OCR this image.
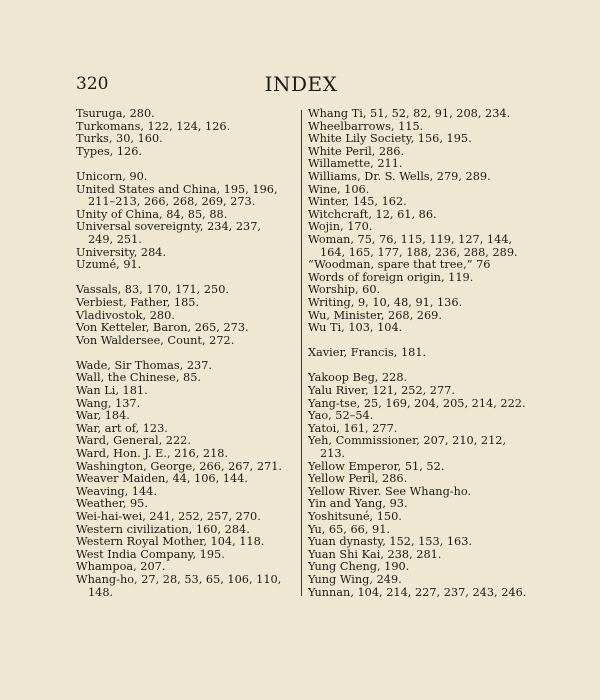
320	INDEX
Tsuruga, 280.
Turkomans, 122, 124, 126.
Turks, 30, 160.
Types, 126.
Unicorn, 90.
United States and China, 195, 196,
211–213, 266, 268, 269, 273.
Unity of China, 84, 85, 88.
Universal sovereignty, 234, 237,
249, 251.
University, 284.
Uzumé, 91.
Vassals, 83, 170, 171, 250.
Verbiest, Father, 185.
Vladivostok, 280.
Von Ketteler, Baron, 265, 273.
Von Waldersee, Count, 272.
Wade, Sir Thomas, 237.
Wall, the Chinese, 85.
Wan Li, 181.
Wang, 137.
War, 184.
War, art of, 123.
Ward, General, 222.
Ward, Hon. J. E., 216, 218.
Washington, George, 266, 267, 271.
Weaver Maiden, 44, 106, 144.
Weaving, 144.
Weather, 95.
Wei-hai-wei, 241, 252, 257, 270.
Western civilization, 160, 284.
Western Royal Mother, 104, 118.
West India Company, 195.
Whampoa, 207.
Whang-ho, 27, 28, 53, 65, 106, 110,
148.
Whang Ti, 51, 52, 82, 91, 208, 234.
Wheelbarrows, 115.
White Lily Society, 156, 195.
White Peril, 286.
Willamette, 211.
Williams, Dr. S. Wells, 279, 289.
Wine, 106.
Winter, 145, 162.
Witchcraft, 12, 61, 86.
Wojin, 170.
Woman, 75, 76, 115, 119, 127, 144,
164, 165, 177, 188, 236, 288, 289.
“Woodman, spare that tree,” 76
Words of foreign origin, 119.
Worship, 60.
Writing, 9, 10, 48, 91, 136.
Wu, Minister, 268, 269.
Wu Ti, 103, 104.
Xavier, Francis, 181.
Yakoop Beg, 228.
Yalu River, 121, 252, 277.
Yang-tse, 25, 169, 204, 205, 214, 222.
Yao, 52–54.
Yatoi, 161, 277.
Yeh, Commissioner, 207, 210, 212,
213.
Yellow Emperor, 51, 52.
Yellow Peril, 286.
Yellow River. See Whang-ho.
Yin and Yang, 93.
Yoshitsuné, 150.
Yu, 65, 66, 91.
Yuan dynasty, 152, 153, 163.
Yuan Shi Kai, 238, 281.
Yung Cheng, 190.
Yung Wing, 249.
Yunnan, 104, 214, 227, 237, 243, 246.
